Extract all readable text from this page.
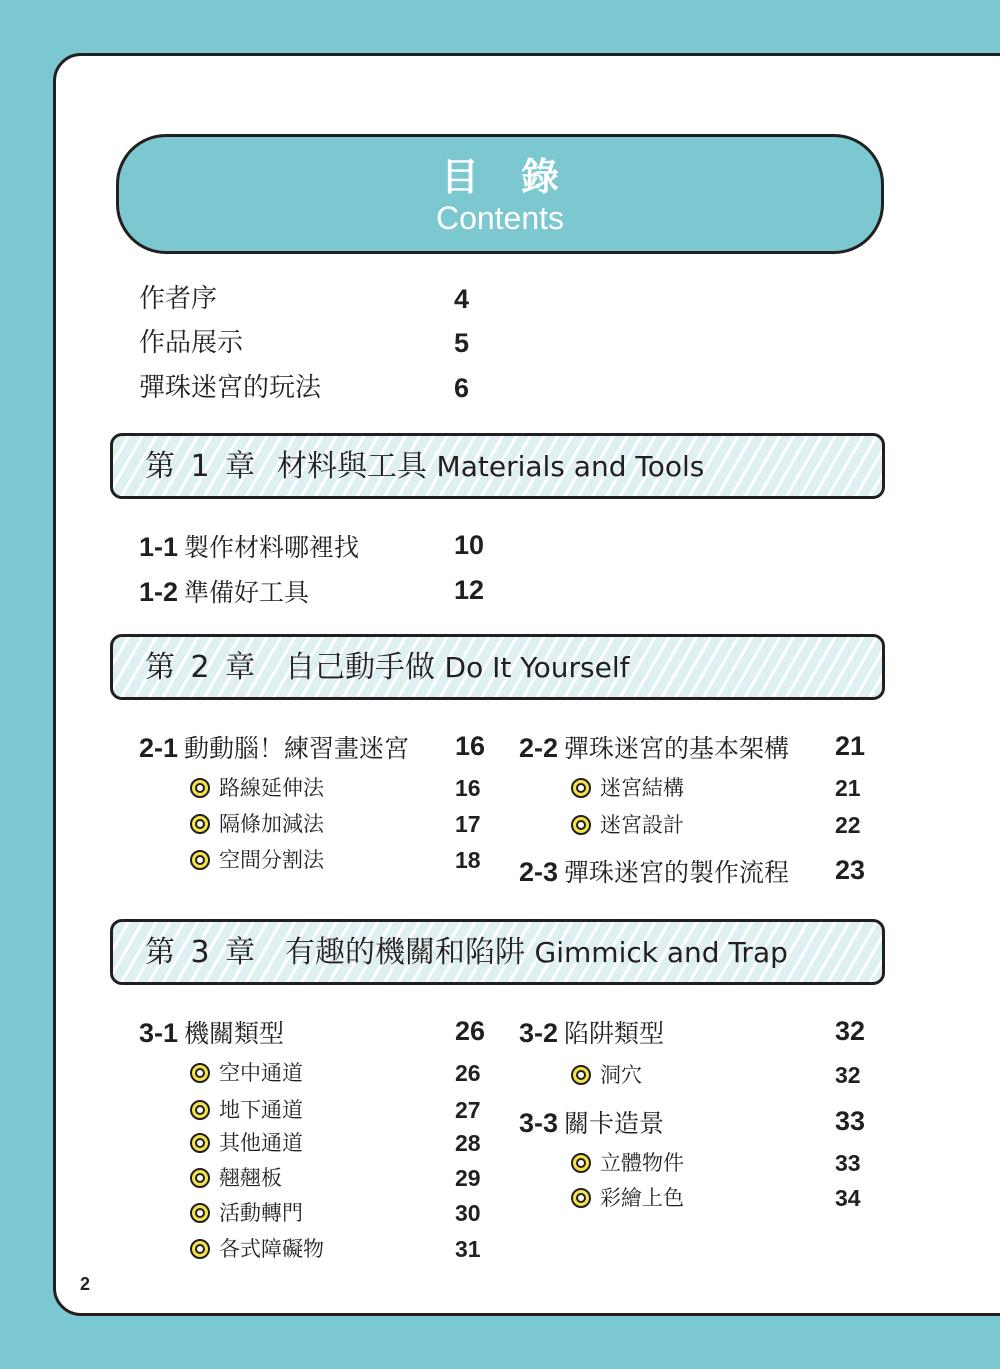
目錄
Contents
作者序	4
作品展示	5
彈珠迷宮的玩法	6
第 1 章 材料與工具 Materials and Tools
1-1 製作材料哪裡找	10
1-2 準備好工具	12
第 2 章 自己動手做 Do It Yourself
2-1 動動腦！練習畫迷宮 16
路線延伸法	16
隔條加減法	17
空間分割法	18
2-2 彈珠迷宮的基本架構 21
迷宮結構	21
迷宮設計	22
2-3 彈珠迷宮的製作流程 23
第 3 章 有趣的機關和陷阱 Gimmick and Trap
3-1 機關類型	26
空中通道	26
地下通道	27
其他通道	28
翹翹板	29
活動轉門	30
各式障礙物	31
3-2 陷阱類型	32
洞穴	32
3-3 關卡造景	33
立體物件	33
彩繪上色	34
2
